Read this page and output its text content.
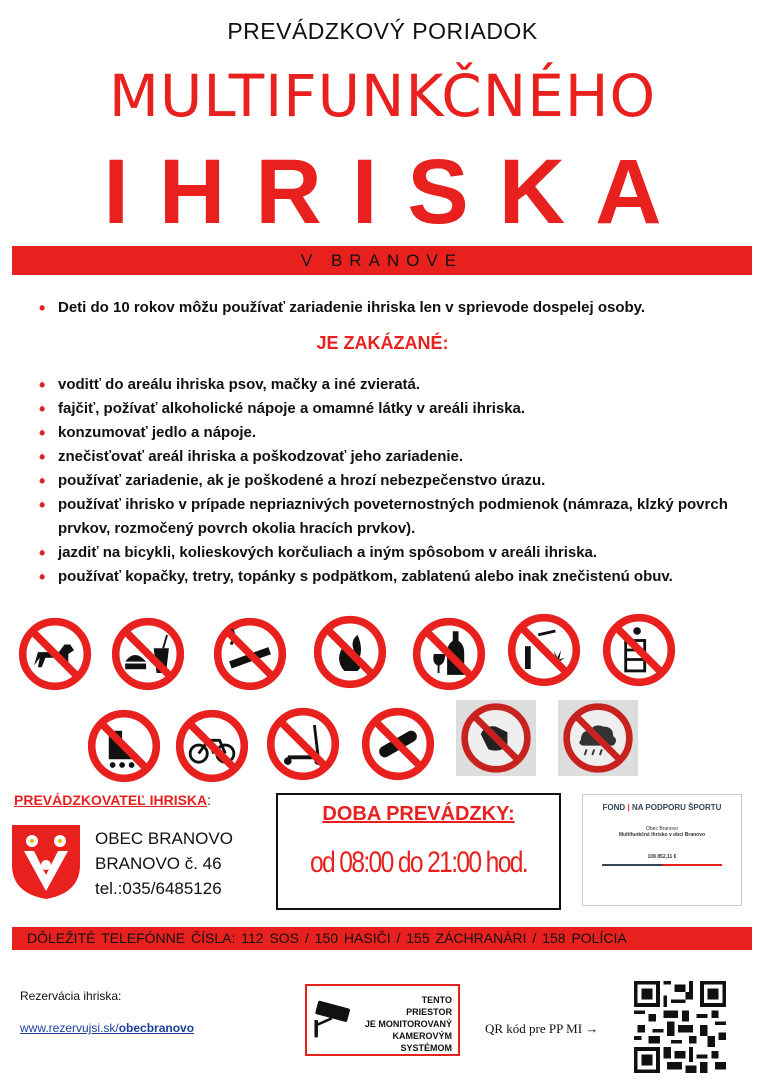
PREVÁDZKOVÝ PORIADOK
MULTIFUNKČNÉHO
IHRISKA
V BRANOVE
• Deti do 10 rokov môžu používať zariadenie ihriska len v sprievode dospelej osoby.
JE ZAKÁZANÉ:
• voditť do areálu ihriska psov, mačky a iné zvieratá.
• fajčiť, požívať alkoholické nápoje a omamné látky v areáli ihriska.
• konzumovať jedlo a nápoje.
• znečisťovať areál ihriska a poškodzovať jeho zariadenie.
• používať zariadenie, ak je poškodené a hrozí nebezpečenstvo úrazu.
• používať ihrisko v prípade nepriaznivých poveternostných podmienok (námraza, klzký povrch prvkov, rozmočený povrch okolia hracích prvkov).
• jazdiť na bicykli, kolieskových korčuliach a iným spôsobom v areáli ihriska.
• používať kopačky, tretry, topánky s podpätkom, zablatenú alebo inak znečistenú obuv.
PREVÁDZKOVATEĽ IHRISKA:
OBEC BRANOVO
BRANOVO č. 46
tel.:035/6485126
DOBA PREVÁDZKY:
od 08:00 do 21:00 hod.
FOND | NA PODPORU ŠPORTU
Obec Branovo
Multifunkčné ihrisko v obci Branovo
108 852,11 €
DÔLEŽITÉ TELEFÓNNE ČÍSLA: 112 SOS / 150 HASIČI / 155 ZÁCHRANÁRI / 158 POLÍCIA
Rezervácia ihriska:
www.rezervujsi.sk/obecbranovo
TENTO
PRIESTOR
JE MONITOROVANÝ
KAMEROVÝM SYSTÉMOM
QR kód pre PP MI →
